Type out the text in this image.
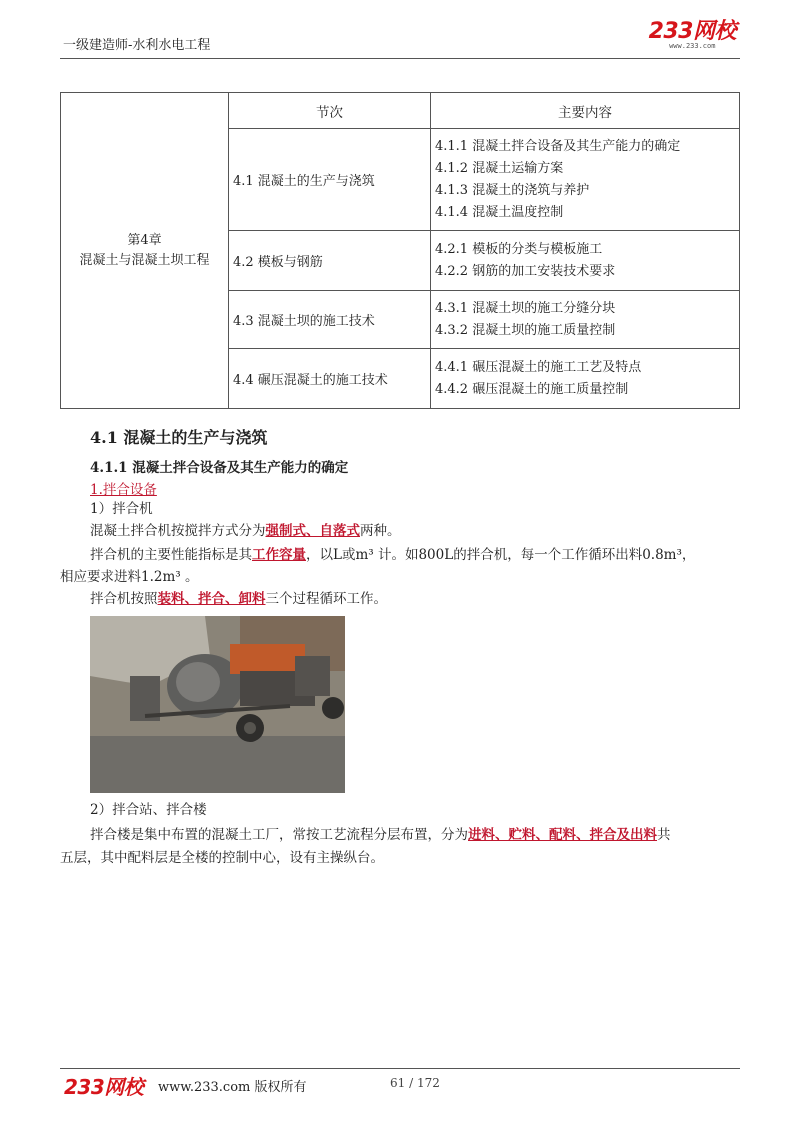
一级建造师-水利水电工程
233网校
www.233.com
第4章
混凝土与混凝土坝工程	节次	主要内容
	4.1 混凝土的生产与浇筑	4.1.1 混凝土拌合设备及其生产能力的确定
4.1.2 混凝土运输方案
4.1.3 混凝土的浇筑与养护
4.1.4 混凝土温度控制

	4.2 模板与钢筋	4.2.1 模板的分类与模板施工
4.2.2 钢筋的加工安装技术要求

	4.3 混凝土坝的施工技术	4.3.1 混凝土坝的施工分缝分块
4.3.2 混凝土坝的施工质量控制

	4.4 碾压混凝土的施工技术	4.4.1 碾压混凝土的施工工艺及特点
4.4.2 碾压混凝土的施工质量控制
4.1 混凝土的生产与浇筑
4.1.1 混凝土拌合设备及其生产能力的确定
1.拌合设备
1）拌合机
混凝土拌合机按搅拌方式分为强制式、自落式两种。
拌合机的主要性能指标是其工作容量，以L或m³ 计。如800L的拌合机，每一个工作循环出料0.8m³，
相应要求进料1.2m³ 。
拌合机按照装料、拌合、卸料三个过程循环工作。
2）拌合站、拌合楼
拌合楼是集中布置的混凝土工厂，常按工艺流程分层布置，分为进料、贮料、配料、拌合及出料共
五层，其中配料层是全楼的控制中心，设有主操纵台。
233网校 www.233.com 版权所有	61 / 172
